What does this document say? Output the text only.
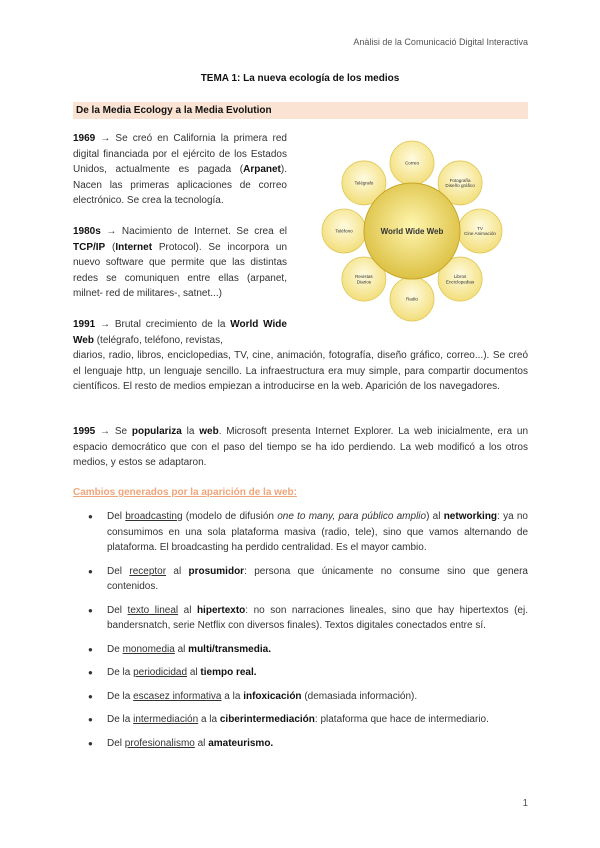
Anàlisi de la Comunicació Digital Interactiva
TEMA 1: La nueva ecología de los medios
De la Media Ecology a la Media Evolution
1969 → Se creó en California la primera red digital financiada por el ejército de los Estados Unidos, actualmente es pagada (Arpanet). Nacen las primeras aplicaciones de correo electrónico. Se crea la tecnología.
1980s → Nacimiento de Internet. Se crea el TCP/IP (Internet Protocol). Se incorpora un nuevo software que permite que las distintas redes se comuniquen entre ellas (arpanet, milnet- red de militares-, satnet...)
1991 → Brutal crecimiento de la World Wide Web (telégrafo, teléfono, revistas,
diarios, radio, libros, enciclopedias, TV, cine, animación, fotografía, diseño gráfico, correo...). Se creó el lenguaje http, un lenguaje sencillo. La infraestructura era muy simple, para compartir documentos científicos. El resto de medios empiezan a introducirse en la web. Aparición de los navegadores.
1995 → Se populariza la web. Microsoft presenta Internet Explorer. La web inicialmente, era un espacio democrático que con el paso del tiempo se ha ido perdiendo. La web modificó a los otros medios, y estos se adaptaron.
Correo
Fotografía Diseño gráfico
TV Cine Animación
Libros Enciclopedias
Radio
Revistas Diarios
Teléfono
Telégrafo
World Wide Web
Cambios generados por la aparición de la web:
● Del broadcasting (modelo de difusión one to many, para público amplio) al networking: ya no consumimos en una sola plataforma masiva (radio, tele), sino que vamos alternando de plataforma. El broadcasting ha perdido centralidad. Es el mayor cambio.
● Del receptor al prosumidor: persona que únicamente no consume sino que genera contenidos.
● Del texto lineal al hipertexto: no son narraciones lineales, sino que hay hipertextos (ej. bandersnatch, serie Netflix con diversos finales). Textos digitales conectados entre sí.
● De monomedia al multi/transmedia.
● De la periodicidad al tiempo real.
● De la escasez informativa a la infoxicación (demasiada información).
● De la intermediación a la ciberintermediación: plataforma que hace de intermediario.
● Del profesionalismo al amateurismo.
1
